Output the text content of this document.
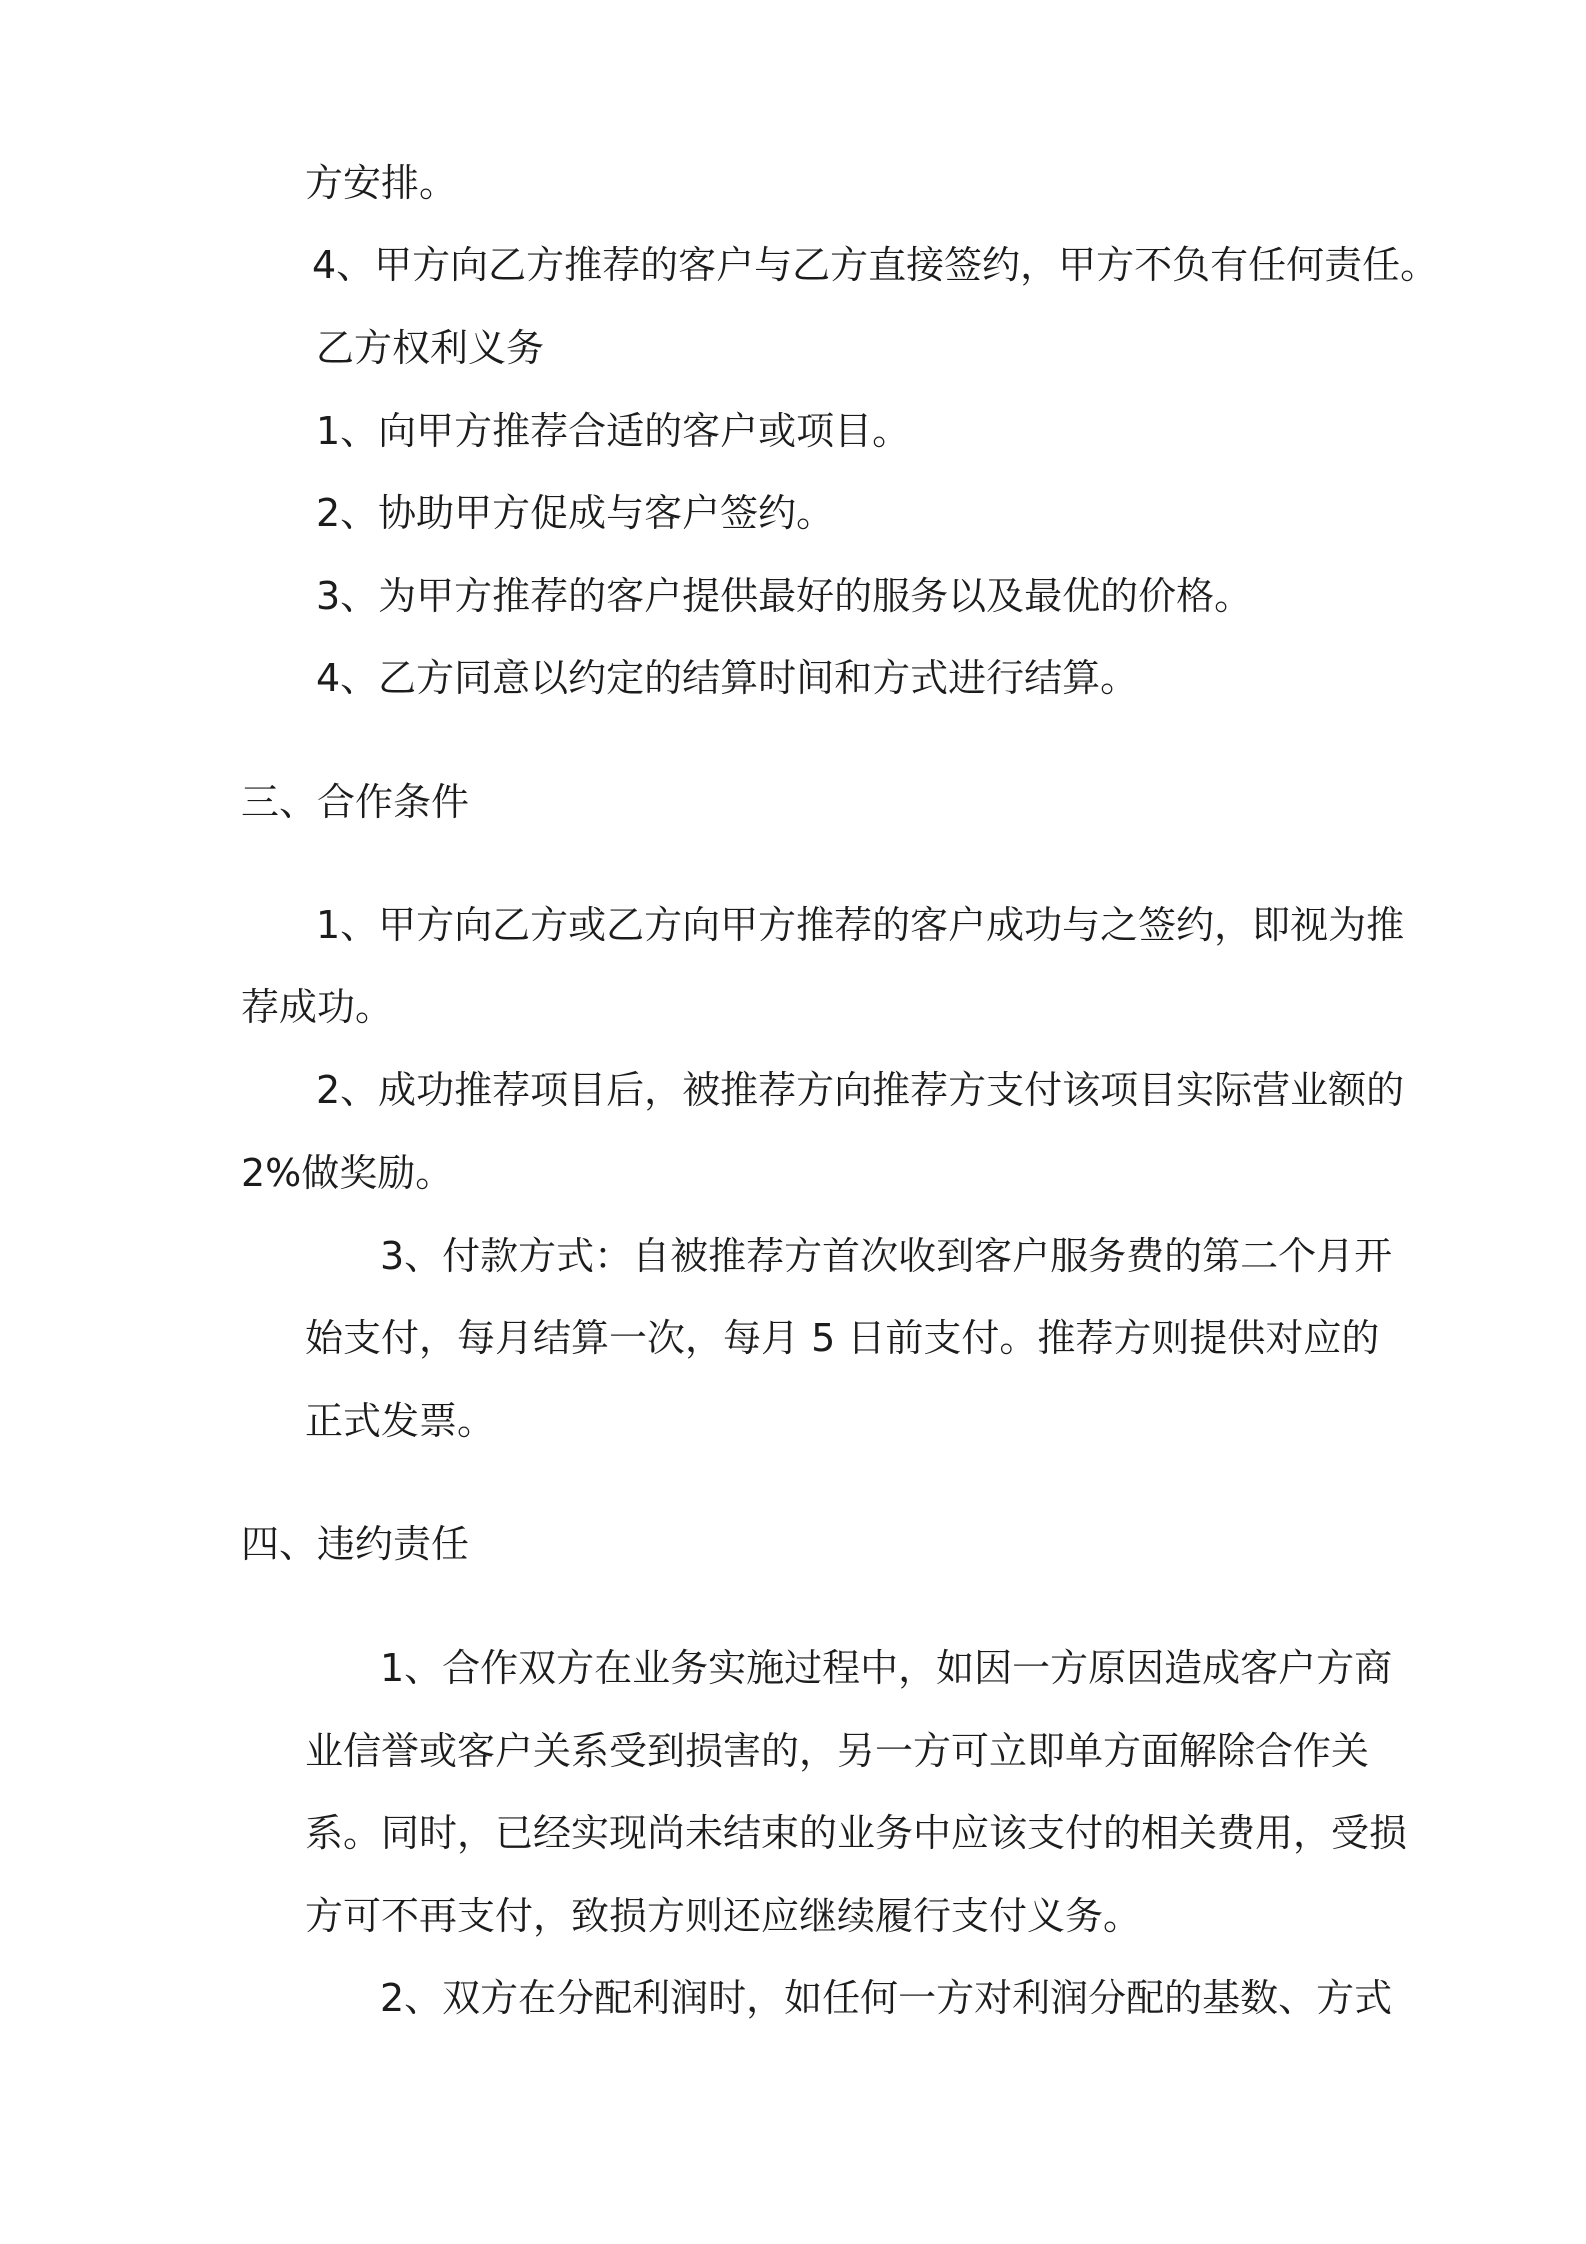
方安排。
4、甲方向乙方推荐的客户与乙方直接签约，甲方不负有任何责任。
乙方权利义务
1、向甲方推荐合适的客户或项目。
2、协助甲方促成与客户签约。
3、为甲方推荐的客户提供最好的服务以及最优的价格。
4、乙方同意以约定的结算时间和方式进行结算。
三、合作条件
1、甲方向乙方或乙方向甲方推荐的客户成功与之签约，即视为推
荐成功。
2、成功推荐项目后，被推荐方向推荐方支付该项目实际营业额的
2%做奖励。
3、付款方式：自被推荐方首次收到客户服务费的第二个月开
始支付，每月结算一次，每月 5 日前支付。推荐方则提供对应的
正式发票。
四、违约责任
1、合作双方在业务实施过程中，如因一方原因造成客户方商
业信誉或客户关系受到损害的，另一方可立即单方面解除合作关
系。同时，已经实现尚未结束的业务中应该支付的相关费用，受损
方可不再支付，致损方则还应继续履行支付义务。
2、双方在分配利润时，如任何一方对利润分配的基数、方式
